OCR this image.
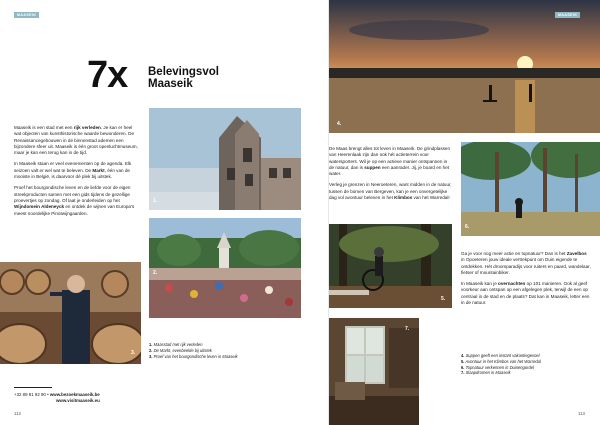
MAASEIK
7x Belevingsvol
Maaseik

Maaseik is een stad met een rijk verleden. Je kan er heel wat objecten van kunsthistorische waarde bewonderen. De Renaissancegebouwen in de binnenstad ademen een bijzondere sfeer uit. Maaseik is één groot openluchtmuseum, maar je kan een terug kan in de tijd.

In Maaseik staan er veel evenementen op de agenda. Elk seizoen valt er wel wat te beleven. De Markt, één van de mooiste in België, is daarvoor dé plek bij uitstek.

Proef het bourgondische leven en de liefde voor de eigen streekproducten samen met een gids tijdens de gezellige proevertjes op zondag. Of laat je onderleiden op het Wijndomein Aldeneyck en ontdek de wijnen van Europa's meest noordelijke Pinotwijngaarden.

1.
2.
3.
1. Maasstad met rijk verleden
2. De Markt, evenbeelde bij uitstek
3. Proef van het bourgondische leven in Maaseik
+32 89 81 92 90 • www.bezoekmaaseik.be
www.visitmaaseik.eu
112
MAASEIK
4.

De Maas brengt alles tot leven in Maaseik. De grindplassen van Heerenlaak zijn dan ook hét actieterrein voor watersporters. Wil je op een actieve manier ontspannen in de natuur, dan is suppen een aanrader. Jij, je board en het water.

Verleg je grenzen in Neeroeteren, want midden in de natuur, tussen de bomen van Bergeven, kan je een onvergetelijke dag vol avontuur beleven in het Klimbos van het Warredal!

5.
6.

Ga je voor nog meer actie en topnatuur? Dan is het Zavelbos in Opoeteren jouw ideale vertrekpunt om Duin eigende te ontdekken. Hét droomparadijs voor ruiters en paard, wandelaar, fietser of mountainbiker.

In Maaseik kan je overnachten op 101 manieren. Ook al geef voorkeur aan ontspan op een afgelegen plek, terwijl de een op centraal in de stad en de plaats? Dat kan in Maaseik, letter een in de natuur.

7.
4. Suppen geeft een instant vakantiegevoel
5. Avontuur in het Klimbos van het Warredal
6. Topnatuur verkennen in Duinengordel
7. Slaapdromen in Maaseik
113
